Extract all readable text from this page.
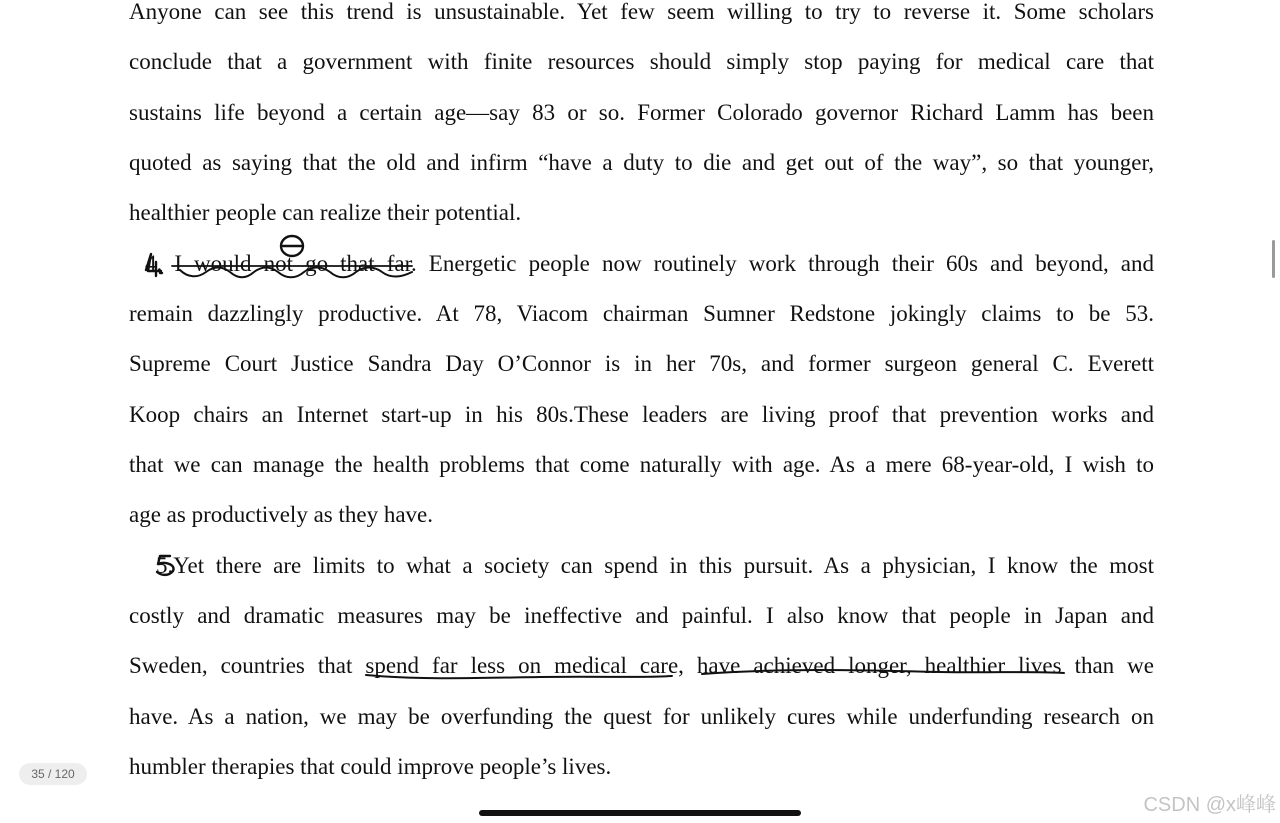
Anyone can see this trend is unsustainable. Yet few seem willing to try to reverse it. Some scholars

conclude that a government with finite resources should simply stop paying for medical care that

sustains life beyond a certain age—say 83 or so. Former Colorado governor Richard Lamm has been

quoted as saying that the old and infirm “have a duty to die and get out of the way”, so that younger,

healthier people can realize their potential.

4. I would not go that far. Energetic people now routinely work through their 60s and beyond, and

remain dazzlingly productive. At 78, Viacom chairman Sumner Redstone jokingly claims to be 53.

Supreme Court Justice Sandra Day O’Connor is in her 70s, and former surgeon general C. Everett

Koop chairs an Internet start-up in his 80s.These leaders are living proof that prevention works and

that we can manage the health problems that come naturally with age. As a mere 68-year-old, I wish to

age as productively as they have.

5.Yet there are limits to what a society can spend in this pursuit. As a physician, I know the most

costly and dramatic measures may be ineffective and painful. I also know that people in Japan and

Sweden, countries that spend far less on medical care, have achieved longer, healthier lives than we

have. As a nation, we may be overfunding the quest for unlikely cures while underfunding research on

humbler therapies that could improve people’s lives.

35 / 120
CSDN @x峰峰
